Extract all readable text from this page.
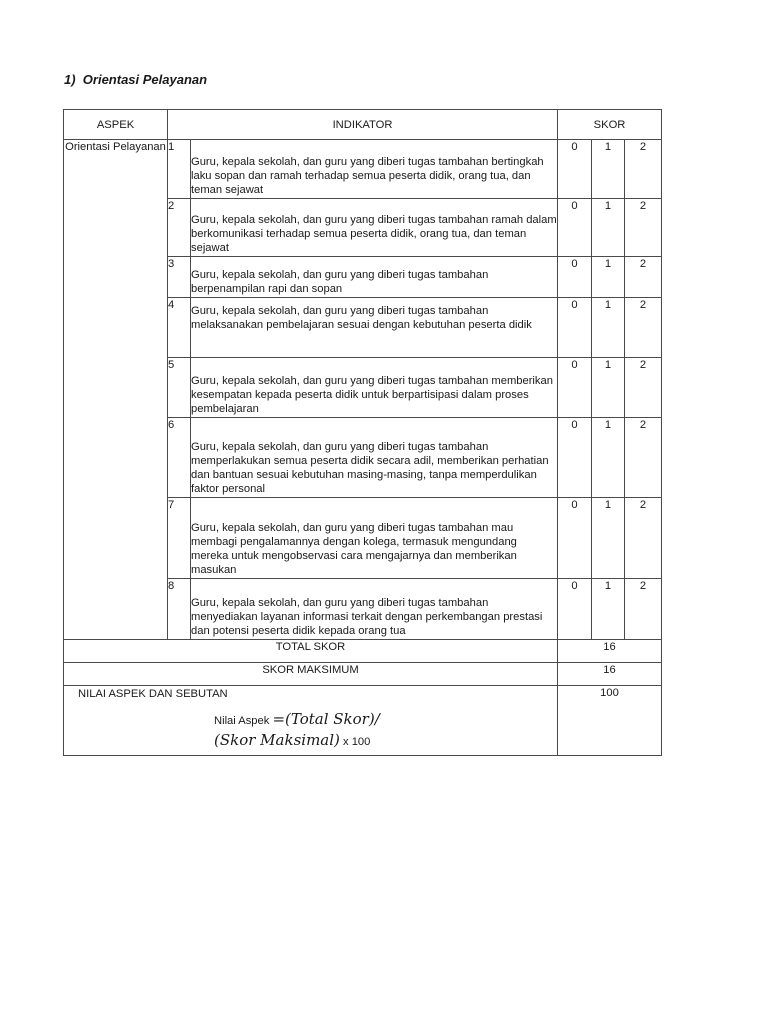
1) Orientasi Pelayanan
ASPEK	INDIKATOR		SKOR		
Orientasi Pelayanan	1	Guru, kepala sekolah, dan guru yang diberi tugas tambahan bertingkah laku sopan dan ramah terhadap semua peserta didik, orang tua, dan teman sejawat	0	1	2
	2	Guru, kepala sekolah, dan guru yang diberi tugas tambahan ramah dalam berkomunikasi terhadap semua peserta didik, orang tua, dan teman sejawat	0	1	2
	3	Guru, kepala sekolah, dan guru yang diberi tugas tambahan berpenampilan rapi dan sopan	0	1	2
	4	Guru, kepala sekolah, dan guru yang diberi tugas tambahan melaksanakan pembelajaran sesuai dengan kebutuhan peserta didik	0	1	2
	5	Guru, kepala sekolah, dan guru yang diberi tugas tambahan memberikan kesempatan kepada peserta didik untuk berpartisipasi dalam proses pembelajaran	0	1	2
	6	Guru, kepala sekolah, dan guru yang diberi tugas tambahan memperlakukan semua peserta didik secara adil, memberikan perhatian dan bantuan sesuai kebutuhan masing-masing, tanpa memperdulikan faktor personal	0	1	2
	7	Guru, kepala sekolah, dan guru yang diberi tugas tambahan mau membagi pengalamannya dengan kolega, termasuk mengundang mereka untuk mengobservasi cara mengajarnya dan memberikan masukan	0	1	2
	8	Guru, kepala sekolah, dan guru yang diberi tugas tambahan menyediakan layanan informasi terkait dengan perkembangan prestasi dan potensi peserta didik kepada orang tua	0	1	2
TOTAL SKOR			16		
SKOR MAKSIMUM			16		

NILAI ASPEK DAN SEBUTAN
Nilai Aspek =(Total Skor)/
(Skor Maksimal) x 100			100		
